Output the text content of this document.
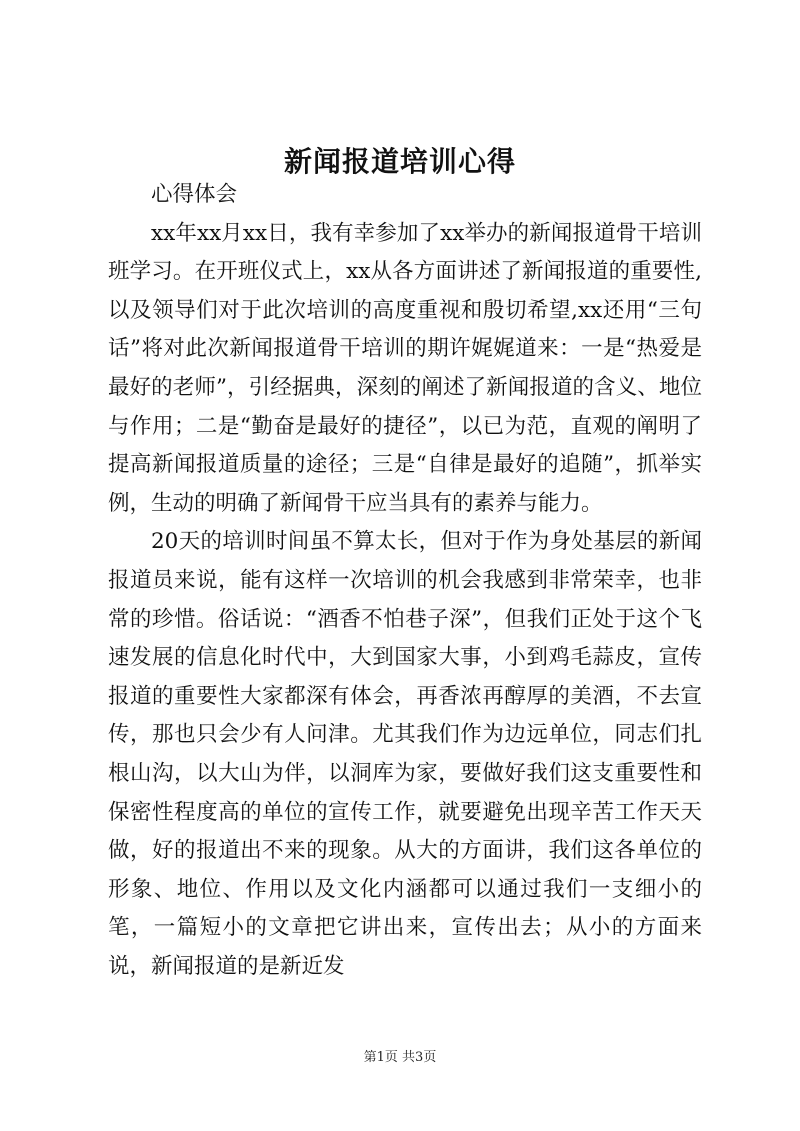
新闻报道培训心得

心得体会

xx年xx月xx日，我有幸参加了xx举办的新闻报道骨干培训班学习。在开班仪式上，xx从各方面讲述了新闻报道的重要性,以及领导们对于此次培训的高度重视和殷切希望,xx还用“三句话”将对此次新闻报道骨干培训的期许娓娓道来：一是“热爱是最好的老师”，引经据典，深刻的阐述了新闻报道的含义、地位与作用；二是“勤奋是最好的捷径”，以已为范，直观的阐明了提高新闻报道质量的途径；三是“自律是最好的追随”，抓举实例，生动的明确了新闻骨干应当具有的素养与能力。

20天的培训时间虽不算太长，但对于作为身处基层的新闻报道员来说，能有这样一次培训的机会我感到非常荣幸，也非常的珍惜。俗话说：“酒香不怕巷子深”，但我们正处于这个飞速发展的信息化时代中，大到国家大事，小到鸡毛蒜皮，宣传报道的重要性大家都深有体会，再香浓再醇厚的美酒，不去宣传，那也只会少有人问津。尤其我们作为边远单位，同志们扎根山沟，以大山为伴，以洞库为家，要做好我们这支重要性和保密性程度高的单位的宣传工作，就要避免出现辛苦工作天天做，好的报道出不来的现象。从大的方面讲，我们这各单位的形象、地位、作用以及文化内涵都可以通过我们一支细小的笔，一篇短小的文章把它讲出来，宣传出去；从小的方面来说，新闻报道的是新近发

第1页 共3页
